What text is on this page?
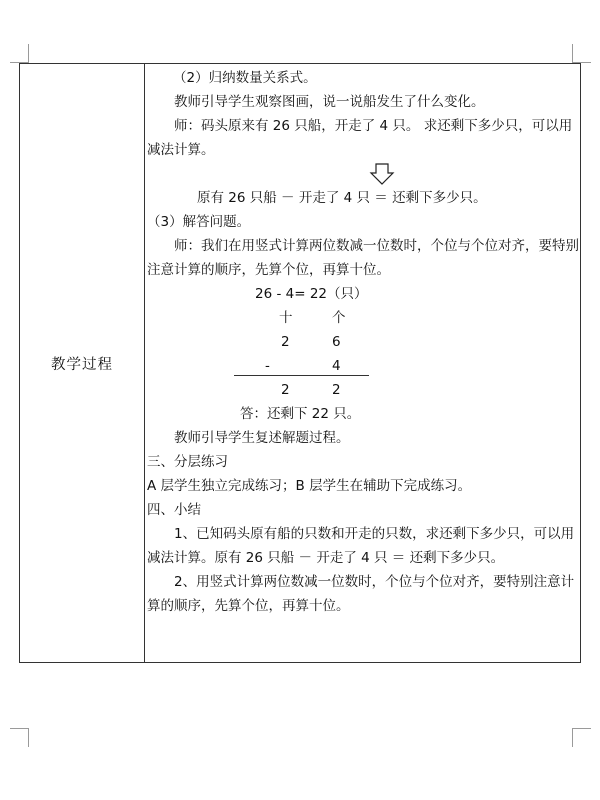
教学过程

（2）归纳数量关系式。

教师引导学生观察图画，说一说船发生了什么变化。

师：码头原来有 26 只船，开走了 4 只。 求还剩下多少只，可以用减法计算。

原有 26 只船 － 开走了 4 只 ＝ 还剩下多少只。

（3）解答问题。

师：我们在用竖式计算两位数减一位数时，个位与个位对齐，要特别注意计算的顺序，先算个位，再算十位。

26 - 4= 22（只）
十	个
2	6
-	4
2	2
答：还剩下 22 只。

教师引导学生复述解题过程。

三、分层练习

A 层学生独立完成练习；B 层学生在辅助下完成练习。

四、小结

1、已知码头原有船的只数和开走的只数，求还剩下多少只，可以用减法计算。原有 26 只船 － 开走了 4 只 ＝ 还剩下多少只。

2、用竖式计算两位数减一位数时，个位与个位对齐，要特别注意计算的顺序，先算个位，再算十位。
